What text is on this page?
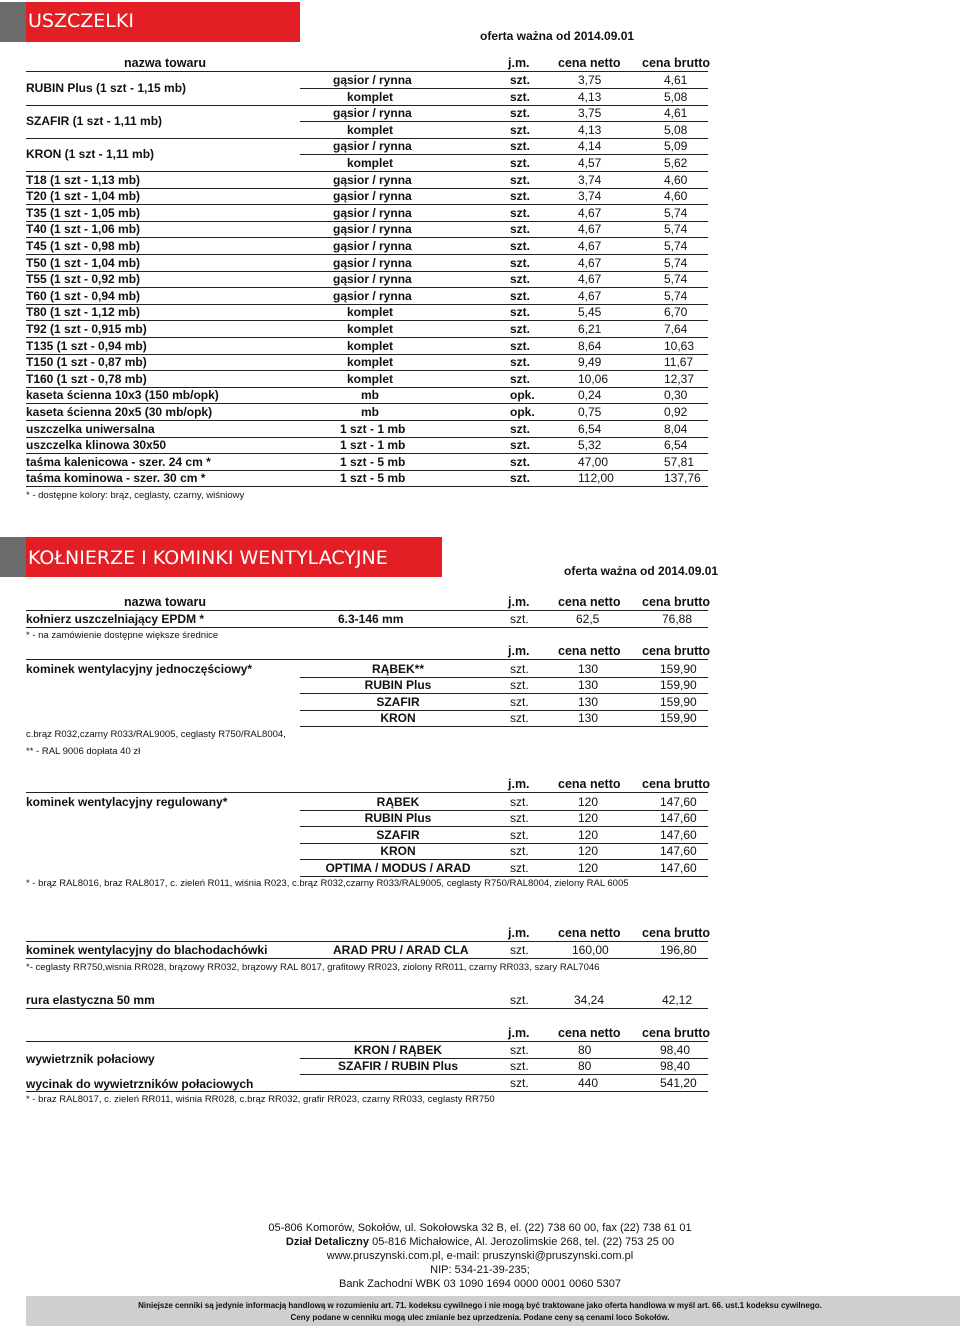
USZCZELKI
oferta ważna od 2014.09.01
nazwa towaru	j.m. cena netto cena brutto
RUBIN Plus (1 szt - 1,15 mb)
gąsior / rynna	szt.	3,75	4,61
komplet	szt.	4,13	5,08
SZAFIR (1 szt - 1,11 mb)
gąsior / rynna	szt.	3,75	4,61
komplet	szt.	4,13	5,08
KRON (1 szt - 1,11 mb)
gąsior / rynna	szt.	4,14	5,09
komplet	szt.	4,57	5,62
T18 (1 szt - 1,13 mb)	gąsior / rynna	szt.	3,74	4,60
T20 (1 szt - 1,04 mb)	gąsior / rynna	szt.	3,74	4,60
T35 (1 szt - 1,05 mb)	gąsior / rynna	szt.	4,67	5,74
T40 (1 szt - 1,06 mb)	gąsior / rynna	szt.	4,67	5,74
T45 (1 szt - 0,98 mb)	gąsior / rynna	szt.	4,67	5,74
T50 (1 szt - 1,04 mb)	gąsior / rynna	szt.	4,67	5,74
T55 (1 szt - 0,92 mb)	gąsior / rynna	szt.	4,67	5,74
T60 (1 szt - 0,94 mb)	gąsior / rynna	szt.	4,67	5,74
T80 (1 szt - 1,12 mb)	komplet	szt.	5,45	6,70
T92 (1 szt - 0,915 mb)	komplet	szt.	6,21	7,64
T135 (1 szt - 0,94 mb)	komplet	szt.	8,64	10,63
T150 (1 szt - 0,87 mb)	komplet	szt.	9,49	11,67
T160 (1 szt - 0,78 mb)	komplet	szt.	10,06	12,37
kaseta ścienna 10x3 (150 mb/opk)	mb	opk.	0,24	0,30
kaseta ścienna 20x5 (30 mb/opk)	mb	opk.	0,75	0,92
uszczelka uniwersalna	1 szt - 1 mb	szt.	6,54	8,04
uszczelka klinowa 30x50	1 szt - 1 mb	szt.	5,32	6,54
taśma kalenicowa - szer. 24 cm *	1 szt - 5 mb	szt.	47,00	57,81
taśma kominowa - szer. 30 cm *	1 szt - 5 mb	szt.	112,00	137,76
* - dostępne kolory: brąz, ceglasty, czarny, wiśniowy
KOŁNIERZE I KOMINKI WENTYLACYJNE
oferta ważna od 2014.09.01
nazwa towaru	j.m. cena netto cena brutto
kołnierz uszczelniający EPDM *	6.3-146 mm	szt.	62,5	76,88
* - na zamówienie dostępne większe średnice
j.m. cena netto cena brutto
kominek wentylacyjny jednoczęściowy*	RĄBEK**	szt.	130	159,90
RUBIN Plus	szt.	130	159,90
SZAFIR	szt.	130	159,90
KRON	szt.	130	159,90
c.brąz R032,czarny R033/RAL9005, ceglasty R750/RAL8004,
** - RAL 9006 dopłata 40 zł
j.m. cena netto cena brutto
kominek wentylacyjny regulowany*	RĄBEK	szt.	120	147,60
RUBIN Plus	szt.	120	147,60
SZAFIR	szt.	120	147,60
KRON	szt.	120	147,60
OPTIMA / MODUS / ARAD	szt.	120	147,60
* - brąz RAL8016, braz RAL8017, c. zieleń R011, wiśnia R023, c.brąz R032,czarny R033/RAL9005, ceglasty R750/RAL8004, zielony RAL 6005
j.m. cena netto cena brutto
kominek wentylacyjny do blachodachówki	ARAD PRU / ARAD CLA	szt.	160,00	196,80
*- ceglasty RR750,wisnia RR028, brązowy RR032, brązowy RAL 8017, grafitowy RR023, ziolony RR011, czarny RR033, szary RAL7046
rura elastyczna 50 mm	szt.	34,24	42,12
j.m. cena netto cena brutto
wywietrznik połaciowy
KRON / RĄBEK	szt.	80	98,40
SZAFIR / RUBIN Plus	szt.	80	98,40
wycinak do wywietrzników połaciowych	szt.	440	541,20
* - braz RAL8017, c. zieleń RR011, wiśnia RR028, c.brąz RR032, grafir RR023, czarny RR033, ceglasty RR750
05-806 Komorów, Sokołów, ul. Sokołowska 32 B, el. (22) 738 60 00, fax (22) 738 61 01
Dział Detaliczny 05-816 Michałowice, Al. Jerozolimskie 268, tel. (22) 753 25 00
www.pruszynski.com.pl, e-mail: pruszynski@pruszynski.com.pl
NIP: 534-21-39-235;
Bank Zachodni WBK 03 1090 1694 0000 0001 0060 5307
Niniejsze cenniki są jedynie informacją handlową w rozumieniu art. 71. kodeksu cywilnego i nie mogą być traktowane jako oferta handlowa w myśl art. 66. ust.1 kodeksu cywilnego.
Ceny podane w cenniku mogą ulec zmianie bez uprzedzenia. Podane ceny są cenami loco Sokołów.
